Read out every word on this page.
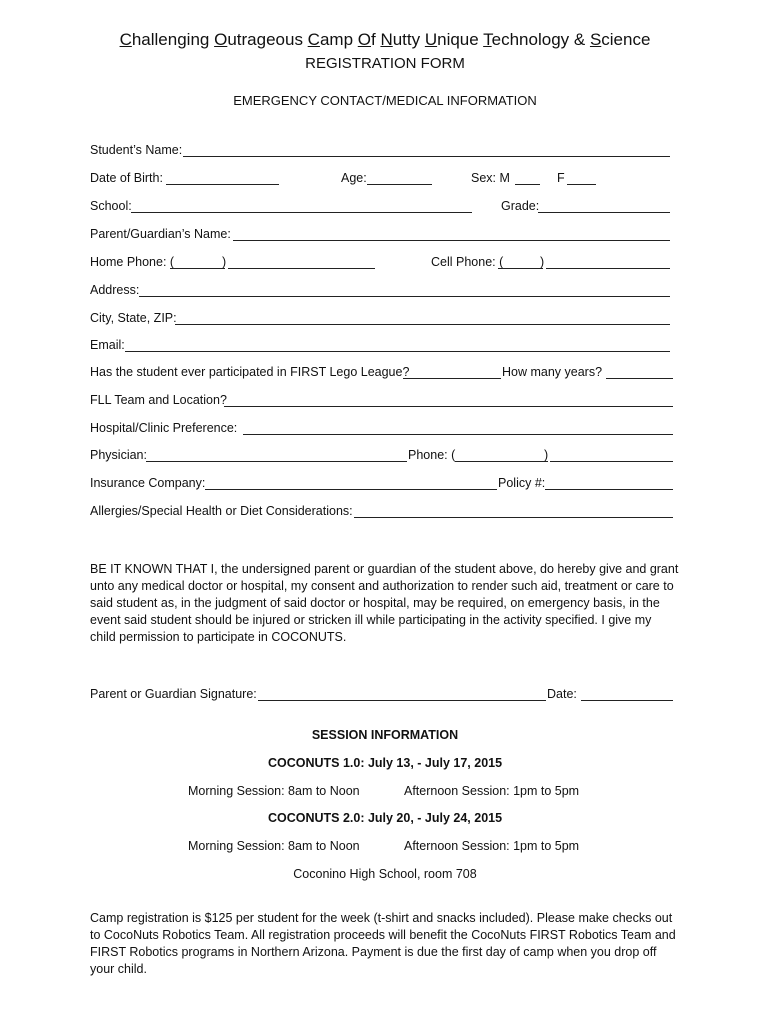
Challenging Outrageous Camp Of Nutty Unique Technology & Science
REGISTRATION FORM
EMERGENCY CONTACT/MEDICAL INFORMATION
Student’s Name:
Date of Birth:	Age:	Sex: M	F
School:	Grade:
Parent/Guardian’s Name:
Home Phone: (	)	Cell Phone: (	)
Address:
City, State, ZIP:
Email:
Has the student ever participated in FIRST Lego League?	How many years?
FLL Team and Location?
Hospital/Clinic Preference:
Physician:	Phone: (	)
Insurance Company:	Policy #:
Allergies/Special Health or Diet Considerations:
BE IT KNOWN THAT I, the undersigned parent or guardian of the student above, do hereby give and grant unto any medical doctor or hospital, my consent and authorization to render such aid, treatment or care to said student as, in the judgment of said doctor or hospital, may be required, on emergency basis, in the event said student should be injured or stricken ill while participating in the activity specified. I give my child permission to participate in COCONUTS.
Parent or Guardian Signature:	Date:
SESSION INFORMATION
COCONUTS 1.0: July 13, - July 17, 2015
Morning Session: 8am to Noon	Afternoon Session: 1pm to 5pm
COCONUTS 2.0: July 20, - July 24, 2015
Morning Session: 8am to Noon	Afternoon Session: 1pm to 5pm
Coconino High School, room 708
Camp registration is $125 per student for the week (t-shirt and snacks included). Please make checks out to CocoNuts Robotics Team. All registration proceeds will benefit the CocoNuts FIRST Robotics Team and FIRST Robotics programs in Northern Arizona. Payment is due the first day of camp when you drop off your child.
